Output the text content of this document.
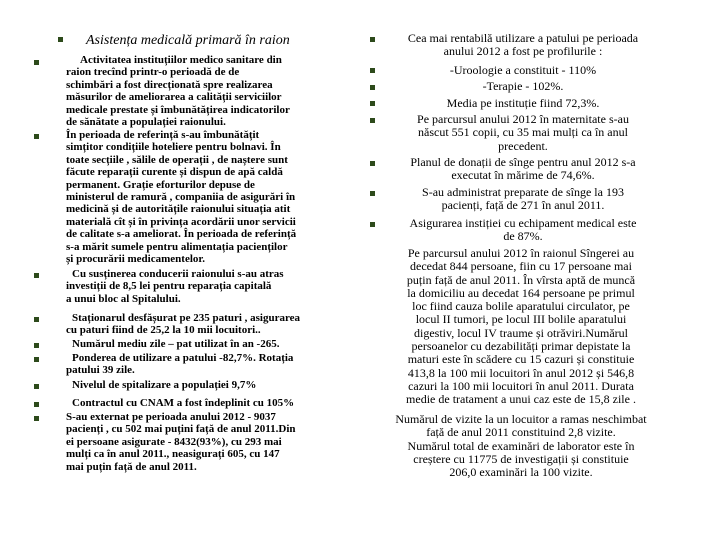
Asistența medicală primară în raion
Activitatea instituțiilor medico sanitare din
raion trecînd printr-o perioadă de de
schimbări a fost direcționată spre realizarea
măsurilor de ameliorarea a calității serviciilor
medicale prestate și îmbunătățirea indicatorilor
de sănătate a populației raionului.
În perioada de referință s-au îmbunătățit
simțitor condițiile hoteliere pentru bolnavi. În
toate secțiile , sălile de operații , de naștere sunt
făcute reparații curente și dispun de apă caldă
permanent. Grație eforturilor depuse de
ministerul de ramură , companiia de asigurări în
medicină și de autoritățile raionului situația atit
materială cît și în privința acordării unor servicii
de calitate s-a ameliorat. În perioada de referință
s-a mărit sumele pentru alimentația pacienților
și procurării medicamentelor.
Cu susținerea conducerii raionului s-au atras
investiții de 8,5 lei pentru reparația capitală
a unui bloc al Spitalului.
Staționarul desfășurat pe 235 paturi , asigurarea
cu paturi fiind de 25,2 la 10 mii locuitori..
Numărul mediu zile – pat utilizat în an -265.
Ponderea de utilizare a patului -82,7%. Rotația
patului 39 zile.
Nivelul de spitalizare a populației 9,7%
Contractul cu CNAM a fost îndeplinit cu 105%
S-au externat pe perioada anului 2012 - 9037
pacienți , cu 502 mai puțini față de anul 2011.Din
ei persoane asigurate - 8432(93%), cu 293 mai
mulți ca în anul 2011., neasigurați 605, cu 147
mai puțin față de anul 2011.
Cea mai rentabilă utilizare a patului pe perioada
anului 2012 a fost pe profilurile :
-Uroologie a constituit - 110%
-Terapie - 102%.
Media pe instituție fiind 72,3%.
Pe parcursul anului 2012 în maternitate s-au
născut 551 copii, cu 35 mai mulți ca în anul
precedent.
Planul de donații de sînge pentru anul 2012 s-a
executat în mărime de 74,6%.
S-au administrat preparate de sînge la 193
pacienți, față de 271 în anul 2011.
Asigurarea instiției cu echipament medical este
de 87%.
Pe parcursul anului 2012 în raionul Sîngerei au
decedat 844 persoane, fiin cu 17 persoane mai
puțin față de anul 2011. În vîrsta aptă de muncă
la domiciliu au decedat 164 persoane pe primul
loc fiind cauza bolile aparatului circulator, pe
locul II tumori, pe locul III bolile aparatului
digestiv, locul IV traume și otrăviri.Numărul
persoanelor cu dezabilități primar depistate la
maturi este în scădere cu 15 cazuri și constituie
413,8 la 100 mii locuitori în anul 2012 și 546,8
cazuri la 100 mii locuitori în anul 2011. Durata
medie de tratament a unui caz este de 15,8 zile .
Numărul de vizite la un locuitor a ramas neschimbat
față de anul 2011 constituind 2,8 vizite.
Numărul total de examinări de laborator este în
creștere cu 11775 de investigații și constituie
206,0 examinări la 100 vizite.
